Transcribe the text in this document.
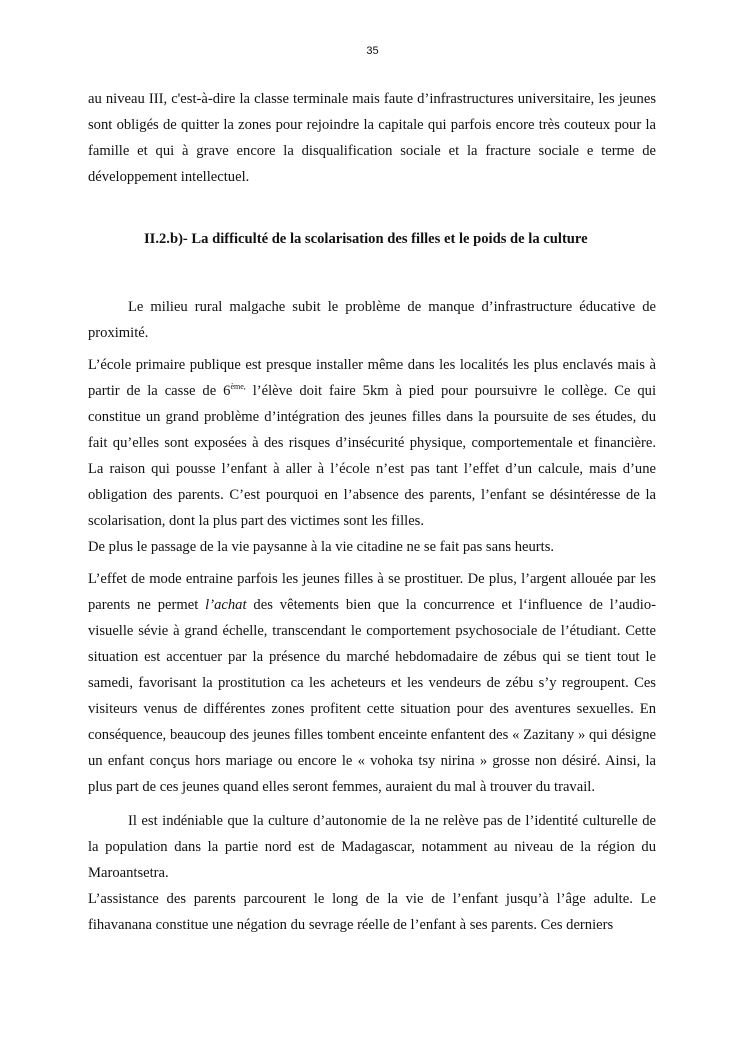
35

au niveau III, c'est-à-dire la classe terminale mais faute d’infrastructures universitaire, les jeunes sont obligés de quitter la zones pour rejoindre la capitale qui parfois encore très couteux pour la famille et qui à grave encore la disqualification sociale et la fracture sociale e terme de développement intellectuel.

II.2.b)- La difficulté de la scolarisation des filles et le poids de la culture

Le milieu rural malgache subit le problème de manque d’infrastructure éducative de proximité.

L’école primaire publique est presque installer même dans les localités les plus enclavés mais à partir de la casse de $6^{ème,}$ l’élève doit faire 5km à pied pour poursuivre le collège. Ce qui constitue un grand problème d’intégration des jeunes filles dans la poursuite de ses études, du fait qu’elles sont exposées à des risques d’insécurité physique, comportementale et financière. La raison qui pousse l’enfant à aller à l’école n’est pas tant l’effet d’un calcule, mais d’une obligation des parents. C’est pourquoi en l’absence des parents, l’enfant se désintéresse de la scolarisation, dont la plus part des victimes sont les filles.

De plus le passage de la vie paysanne à la vie citadine ne se fait pas sans heurts.

L’effet de mode entraine parfois les jeunes filles à se prostituer. De plus, l’argent allouée par les parents ne permet l’achat des vêtements bien que la concurrence et l‘influence de l’audio-visuelle sévie à grand échelle, transcendant le comportement psychosociale de l’étudiant. Cette situation est accentuer par la présence du marché hebdomadaire de zébus qui se tient tout le samedi, favorisant la prostitution ca les acheteurs et les vendeurs de zébu s’y regroupent. Ces visiteurs venus de différentes zones profitent cette situation pour des aventures sexuelles. En conséquence, beaucoup des jeunes filles tombent enceinte enfantent des « Zazitany » qui désigne un enfant conçus hors mariage ou encore le « vohoka tsy nirina » grosse non désiré. Ainsi, la plus part de ces jeunes quand elles seront femmes, auraient du mal à trouver du travail.

Il est indéniable que la culture d’autonomie de la ne relève pas de l’identité culturelle de la population dans la partie nord est de Madagascar, notamment au niveau de la région du Maroantsetra.

L’assistance des parents parcourent le long de la vie de l’enfant jusqu’à l’âge adulte. Le fihavanana constitue une négation du sevrage réelle de l’enfant à ses parents. Ces derniers
